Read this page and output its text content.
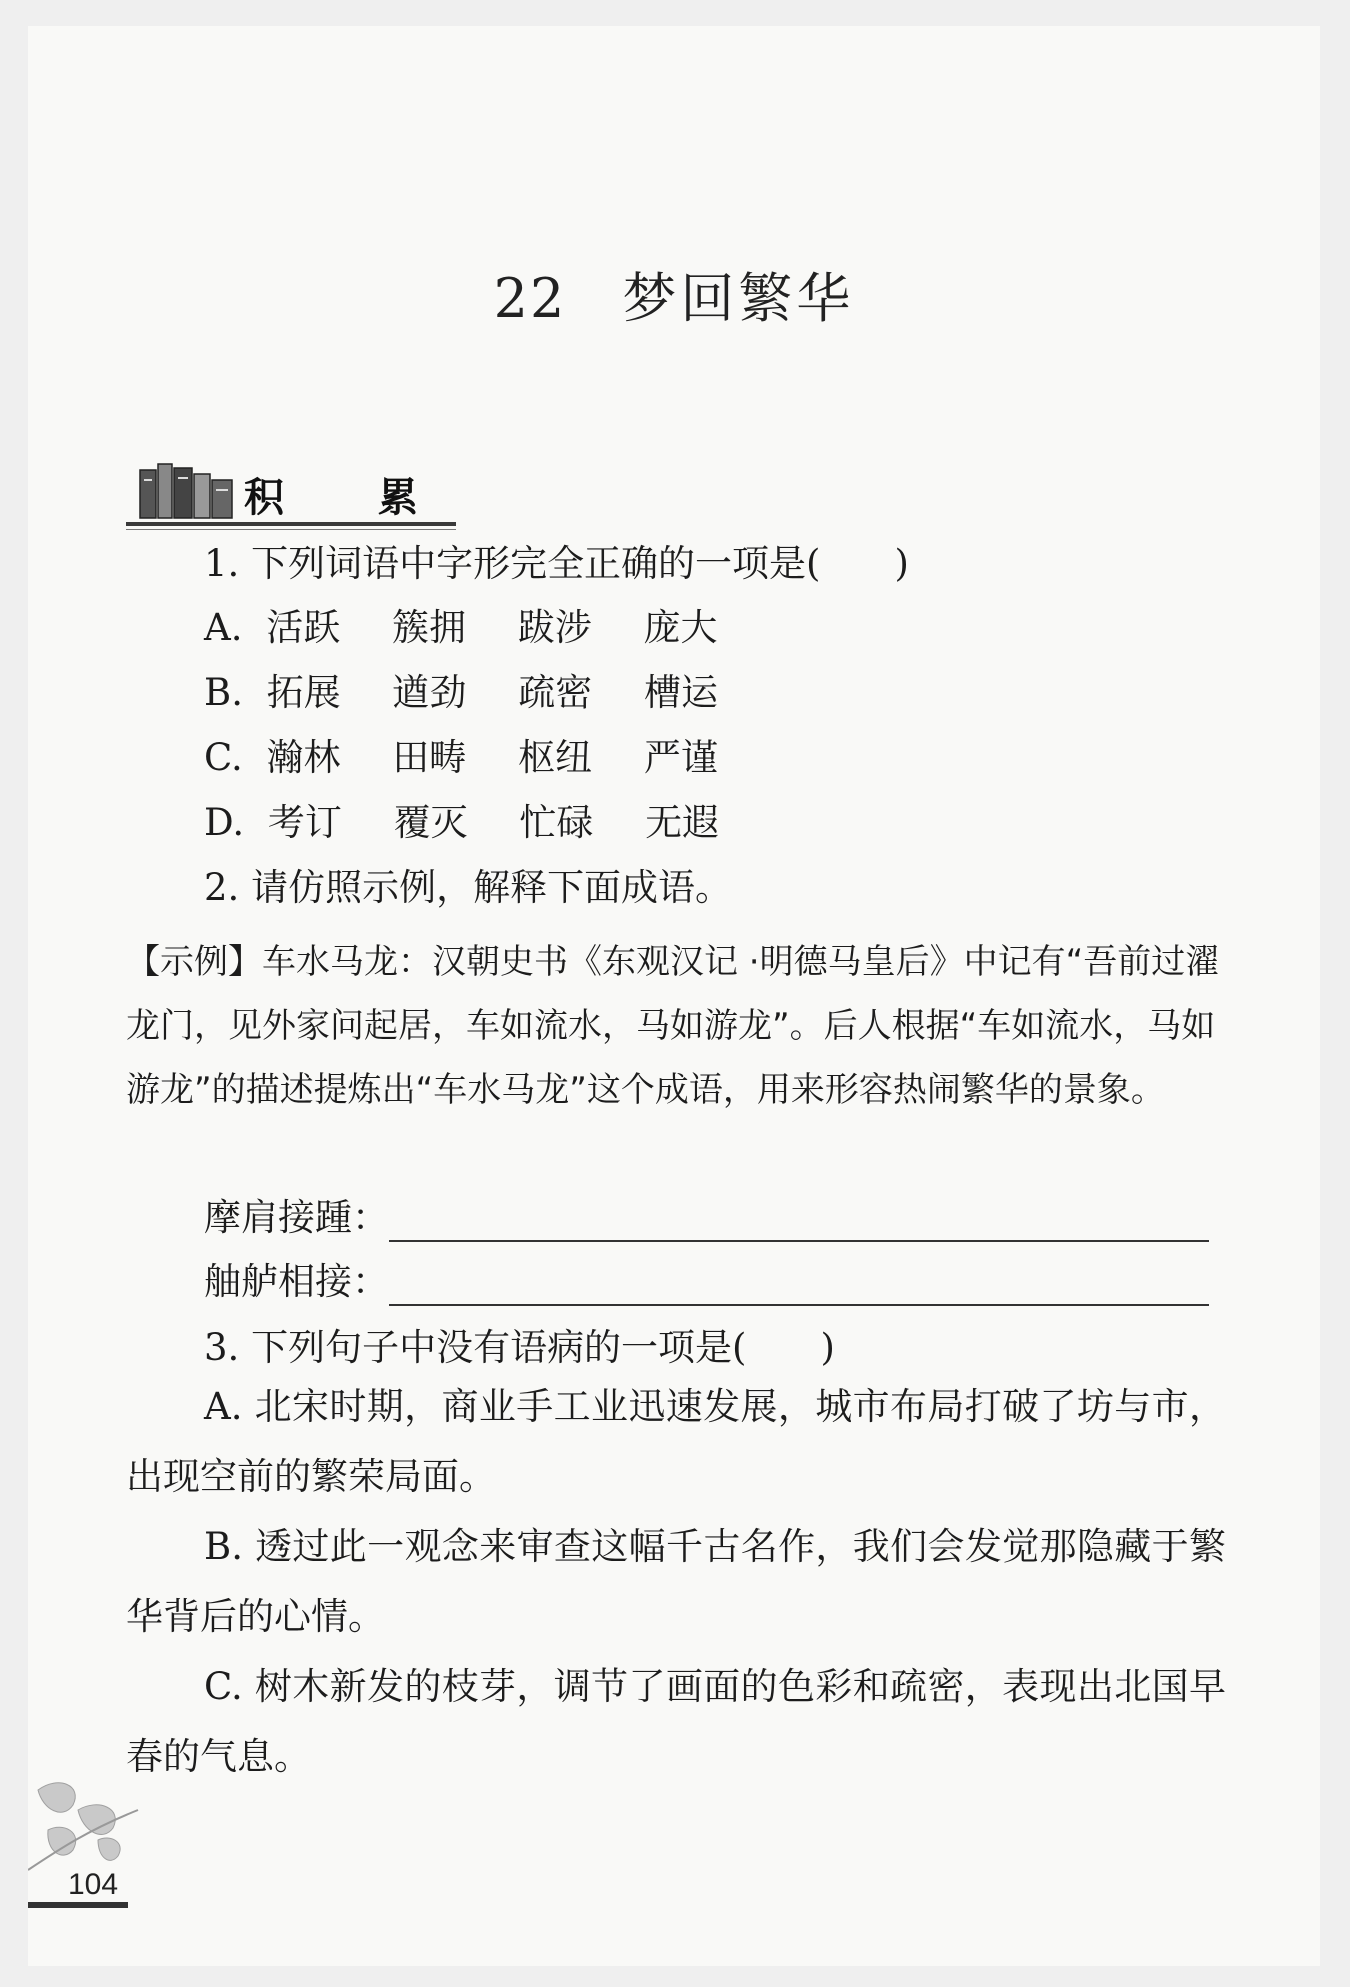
22 梦回繁华
积 累
1. 下列词语中字形完全正确的一项是(　　)
A. 活跃 簇拥 跋涉 庞大
B. 拓展 遒劲 疏密 槽运
C. 瀚林 田畴 枢纽 严谨
D. 考订 覆灭 忙碌 无遐
2. 请仿照示例，解释下面成语。
【示例】车水马龙：汉朝史书《东观汉记 ·明德马皇后》中记有“吾前过濯龙门，见外家问起居，车如流水，马如游龙”。后人根据“车如流水，马如游龙”的描述提炼出“车水马龙”这个成语，用来形容热闹繁华的景象。
摩肩接踵：
舳舻相接：
3. 下列句子中没有语病的一项是(　　)
A. 北宋时期，商业手工业迅速发展，城市布局打破了坊与市，出现空前的繁荣局面。
B. 透过此一观念来审查这幅千古名作，我们会发觉那隐藏于繁华背后的心情。
C. 树木新发的枝芽，调节了画面的色彩和疏密，表现出北国早春的气息。
104
